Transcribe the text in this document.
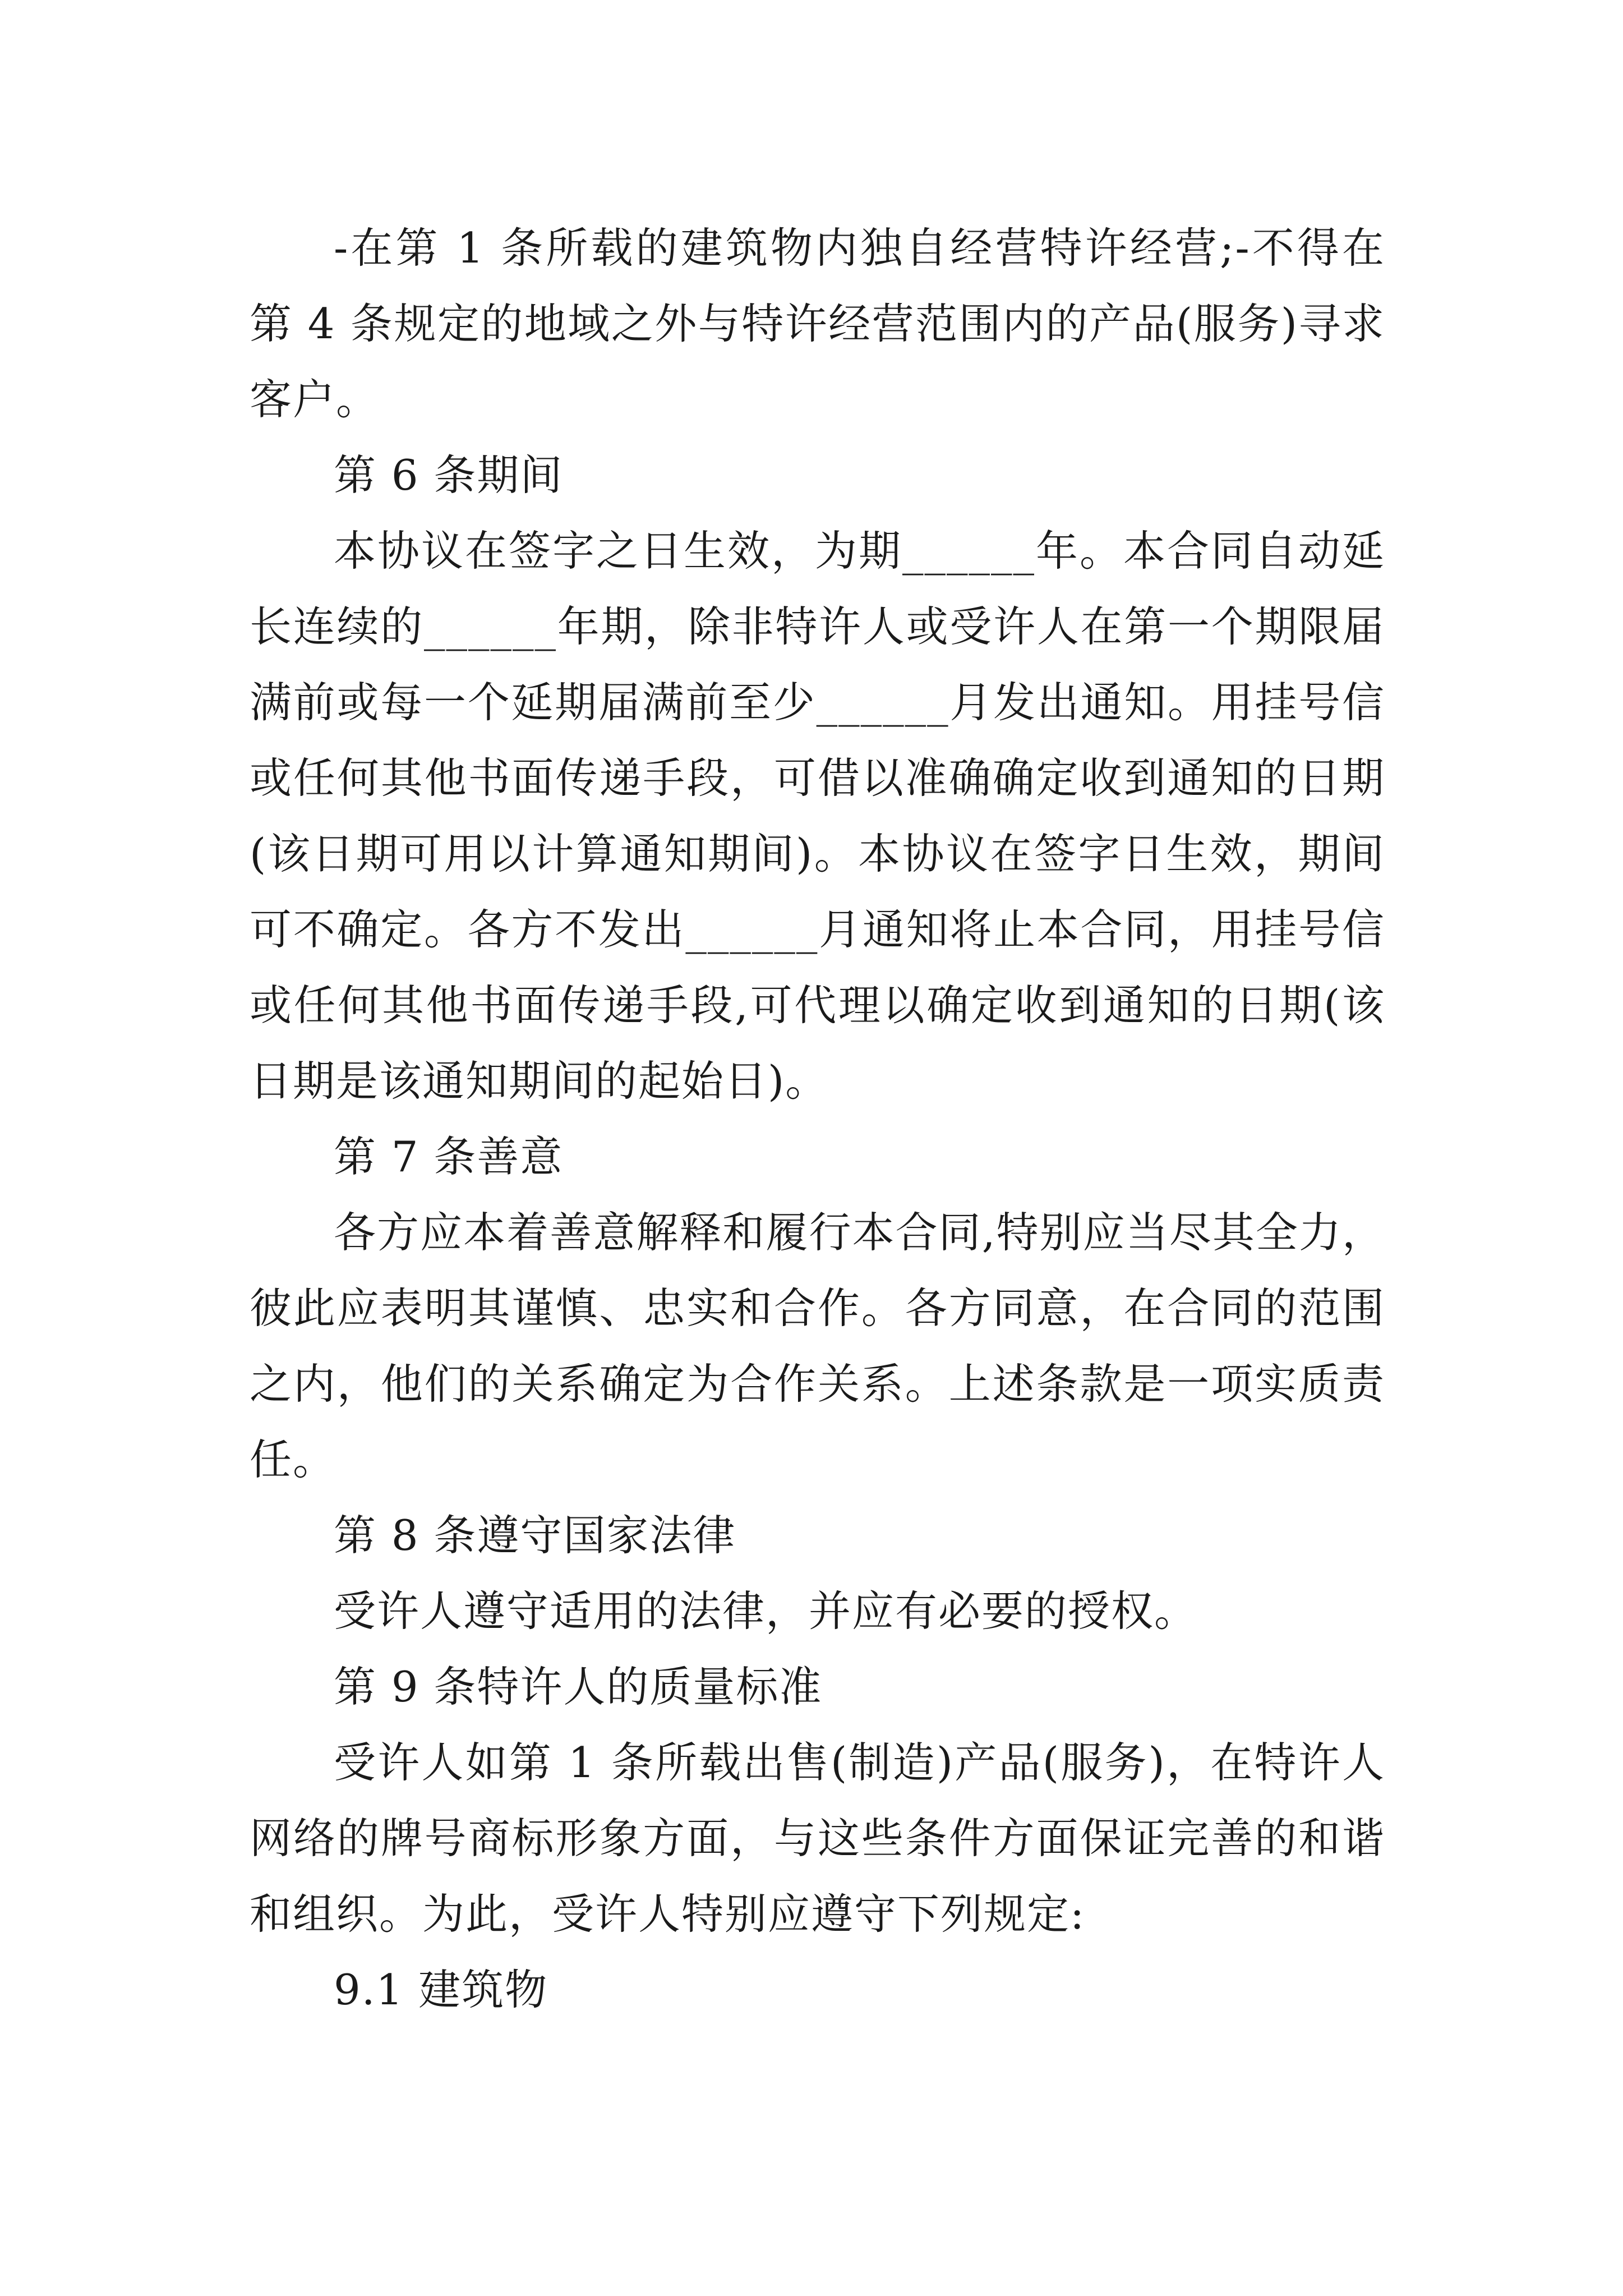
-在第 1 条所载的建筑物内独自经营特许经营;-不得在第 4 条规定的地域之外与特许经营范围内的产品(服务)寻求客户。

第 6 条期间

本协议在签字之日生效，为期______年。本合同自动延长连续的______年期，除非特许人或受许人在第一个期限届满前或每一个延期届满前至少______月发出通知。用挂号信或任何其他书面传递手段，可借以准确确定收到通知的日期(该日期可用以计算通知期间)。本协议在签字日生效，期间可不确定。各方不发出______月通知将止本合同，用挂号信或任何其他书面传递手段,可代理以确定收到通知的日期(该日期是该通知期间的起始日)。

第 7 条善意

各方应本着善意解释和履行本合同,特别应当尽其全力，彼此应表明其谨慎、忠实和合作。各方同意，在合同的范围之内，他们的关系确定为合作关系。上述条款是一项实质责任。

第 8 条遵守国家法律

受许人遵守适用的法律，并应有必要的授权。

第 9 条特许人的质量标准

受许人如第 1 条所载出售(制造)产品(服务)，在特许人网络的牌号商标形象方面，与这些条件方面保证完善的和谐和组织。为此，受许人特别应遵守下列规定:

9.1 建筑物
